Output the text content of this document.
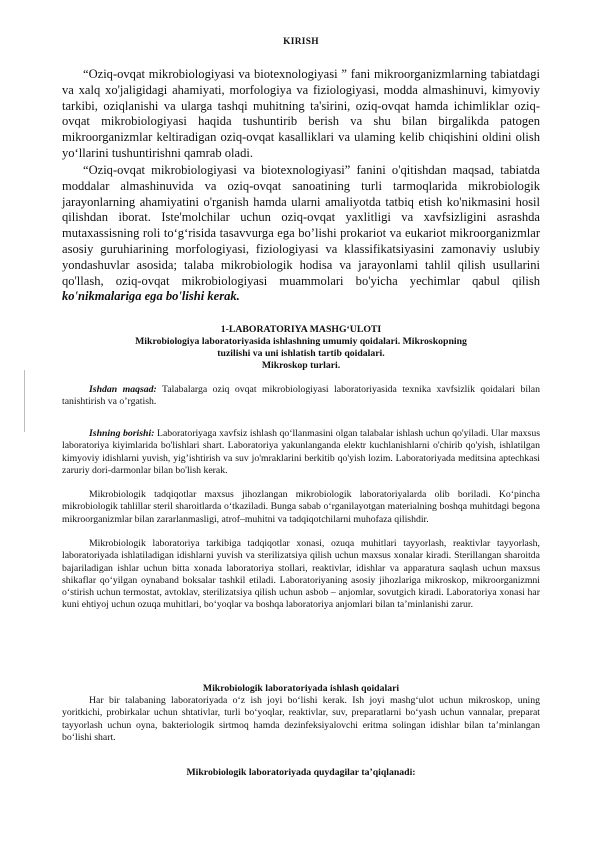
KIRISH

“Oziq-ovqat mikrobiologiyasi va biotexnologiyasi ” fani mikroorganizmlarning tabiatdagi va xalq xo'jaligidagi ahamiyati, morfologiya va fiziologiyasi, modda almashinuvi, kimyoviy tarkibi, oziqlanishi va ularga tashqi muhitning ta'sirini, oziq-ovqat hamda ichimliklar oziq-ovqat mikrobiologiyasi haqida tushuntirib berish va shu bilan birgalikda patogen mikroorganizmlar keltiradigan oziq-ovqat kasalliklari va ulaming kelib chiqishini oldini olish yo‘llarini tushuntirishni qamrab oladi.

“Oziq-ovqat mikrobiologiyasi va biotexnologiyasi” fanini o'qitishdan maqsad, tabiatda moddalar almashinuvida va oziq-ovqat sanoatining turli tarmoqlarida mikrobiologik jarayonlarning ahamiyatini o'rganish hamda ularni amaliyotda tatbiq etish ko'nikmasini hosil qilishdan iborat. Iste'molchilar uchun oziq-ovqat yaxlitligi va xavfsizligini asrashda mutaxassisning roli to‘g‘risida tasavvurga ega bo’lishi prokariot va eukariot mikroorganizmlar asosiy guruhiarining morfologiyasi, fiziologiyasi va klassifikatsiyasini zamonaviy uslubiy yondashuvlar asosida; talaba mikrobiologik hodisa va jarayonlami tahlil qilish usullarini qo'llash, oziq-ovqat mikrobiologiyasi muammolari bo'yicha yechimlar qabul qilish ko'nikmalariga ega bo'lishi kerak.

1-LABORATORIYA MASHG‘ULOTI

Mikrobiologiya laboratoriyasida ishlashning umumiy qoidalari. Mikroskopning

tuzilishi va uni ishlatish tartib qoidalari.

Mikroskop turlari.

Ishdan maqsad: Talabalarga oziq ovqat mikrobiologiyasi laboratoriyasida texnika xavfsizlik qoidalari bilan tanishtirish va o’rgatish.

Ishning borishi: Laboratoriyaga xavfsiz ishlash qo‘llanmasini olgan talabalar ishlash uchun qo'yiladi. Ular maxsus laboratoriya kiyimlarida bo'lishlari shart. Laboratoriya yakunlanganda elektr kuchlanishlarni o'chirib qo'yish, ishlatilgan kimyoviy idishlarni yuvish, yig’ishtirish va suv jo'mraklarini berkitib qo'yish lozim. Laboratoriyada meditsina aptechkasi zaruriy dori-darmonlar bilan bo'lish kerak.

Mikrobiologik tadqiqotlar maxsus jihozlangan mikrobiologik laboratoriyalarda olib boriladi. Ko‘pincha mikrobiologik tahlillar steril sharoitlarda o‘tkaziladi. Bunga sabab o‘rganilayotgan materialning boshqa muhitdagi begona mikroorganizmlar bilan zararlanmasligi, atrof–muhitni va tadqiqotchilarni muhofaza qilishdir.

Mikrobiologik laboratoriya tarkibiga tadqiqotlar xonasi, ozuqa muhitlari tayyorlash, reaktivlar tayyorlash, laboratoriyada ishlatiladigan idishlarni yuvish va sterilizatsiya qilish uchun maxsus xonalar kiradi. Sterillangan sharoitda bajariladigan ishlar uchun bitta xonada laboratoriya stollari, reaktivlar, idishlar va apparatura saqlash uchun maxsus shikaflar qo‘yilgan oynaband boksalar tashkil etiladi. Laboratoriyaning asosiy jihozlariga mikroskop, mikroorganizmni o‘stirish uchun termostat, avtoklav, sterilizatsiya qilish uchun asbob – anjomlar, sovutgich kiradi. Laboratoriya xonasi har kuni ehtiyoj uchun ozuqa muhitlari, bo‘yoqlar va boshqa laboratoriya anjomlari bilan ta’minlanishi zarur.

Mikrobiologik laboratoriyada ishlash qoidalari

Har bir talabaning laboratoriyada o‘z ish joyi bo‘lishi kerak. Ish joyi mashg‘ulot uchun mikroskop, uning yoritkichi, probirkalar uchun shtativlar, turli bo‘yoqlar, reaktivlar, suv, preparatlarni bo‘yash uchun vannalar, preparat tayyorlash uchun oyna, bakteriologik sirtmoq hamda dezinfeksiyalovchi eritma solingan idishlar bilan ta’minlangan bo‘lishi shart.

Mikrobiologik laboratoriyada quydagilar ta’qiqlanadi:
